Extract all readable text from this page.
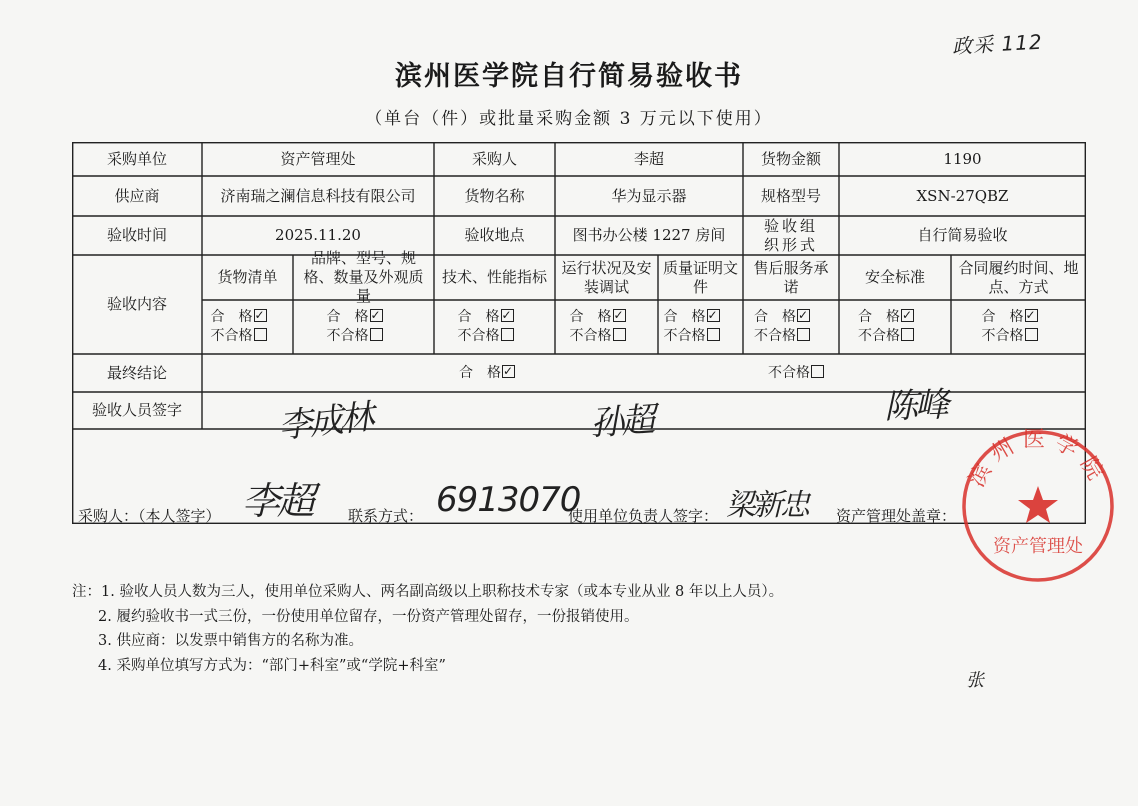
政采 112
滨州医学院自行简易验收书
（单台（件）或批量采购金额 3 万元以下使用）
采购单位	资产管理处	采购人	李超	货物金额	1190
供应商	济南瑞之澜信息科技有限公司	货物名称	华为显示器	规格型号	XSN-27QBZ
验收时间	2025.11.20	验收地点	图书办公楼 1227 房间
验收组织形式
自行简易验收
验收内容
货物清单
合　格✓
不合格
品牌、型号、规格、数量及外观质量
合　格✓
不合格
技术、性能指标
合　格✓
不合格
运行状况及安装调试
合　格✓
不合格
质量证明文件
合　格✓
不合格
售后服务承诺
合　格✓
不合格
安全标准
合　格✓
不合格
合同履约时间、地点、方式
合　格✓
不合格
最终结论	合　格✓	不合格
验收人员签字	李成林	孙超	陈峰
采购人：（本人签字） 李超 联系方式： 6913070
使用单位负责人签字： 梁新忠 资产管理处盖章：
滨州医学院
资产管理处
注：1. 验收人员人数为三人，使用单位采购人、两名副高级以上职称技术专家（或本专业从业 8 年以上人员）。
2. 履约验收书一式三份，一份使用单位留存，一份资产管理处留存，一份报销使用。
3. 供应商：以发票中销售方的名称为准。
4. 采购单位填写方式为：“部门+科室”或“学院+科室”
张
